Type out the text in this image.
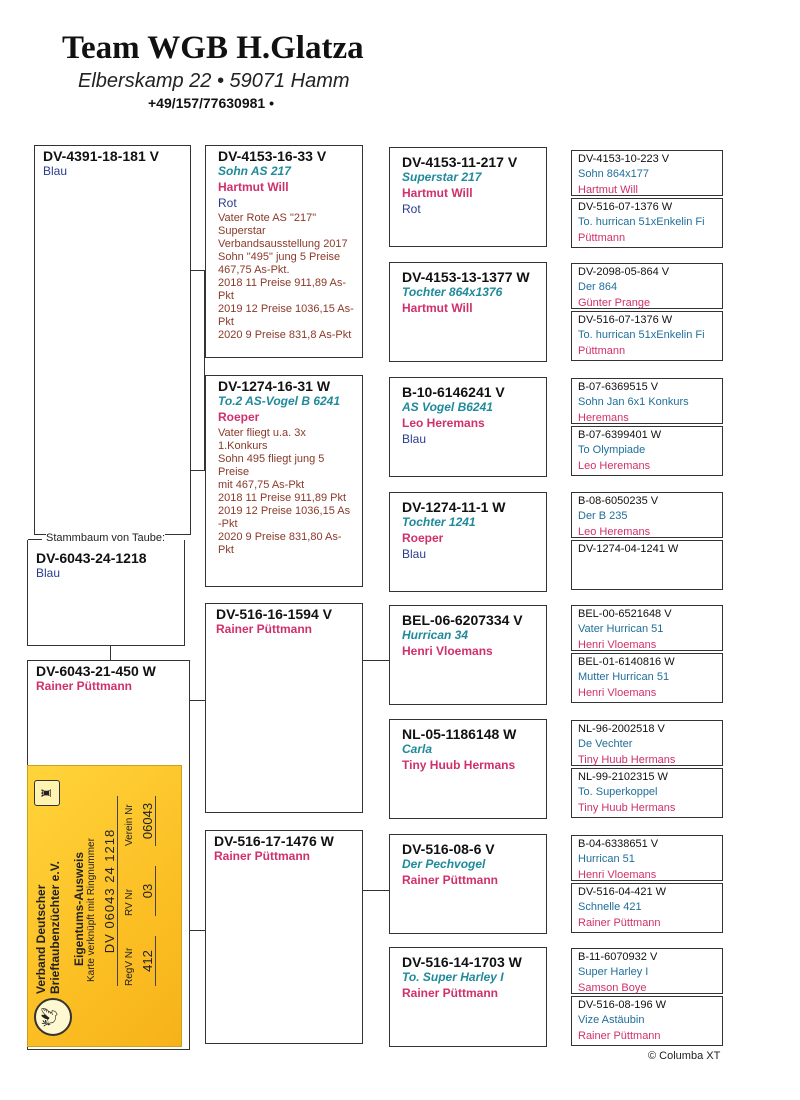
Team WGB H.Glatza
Elberskamp 22 • 59071 Hamm
+49/157/77630981 •
DV-4391-18-181 V
Blau
Stammbaum von Taube:
DV-6043-24-1218
Blau
DV-6043-21-450 W
Rainer Püttmann
DV-4153-16-33 V
Sohn AS 217
Hartmut Will
Rot
Vater Rote AS "217"
Superstar
Verbandsausstellung 2017
Sohn "495" jung 5 Preise
467,75 As-Pkt.
2018 11 Preise 911,89 As-
Pkt
2019 12 Preise 1036,15 As-
Pkt
2020 9 Preise 831,8 As-Pkt
DV-1274-16-31 W
To.2 AS-Vogel B 6241
Roeper
Vater fliegt u.a. 3x
1.Konkurs
Sohn 495 fliegt jung 5
Preise
mit 467,75 As-Pkt
2018 11 Preise 911,89 Pkt
2019 12 Preise 1036,15 As
-Pkt
2020 9 Preise 831,80 As-
Pkt
DV-516-16-1594 V
Rainer Püttmann
DV-516-17-1476 W
Rainer Püttmann
DV-4153-11-217 V
Superstar 217
Hartmut Will
Rot
DV-4153-13-1377 W
Tochter 864x1376
Hartmut Will
B-10-6146241 V
AS Vogel B6241
Leo Heremans
Blau
DV-1274-11-1 W
Tochter 1241
Roeper
Blau
BEL-06-6207334 V
Hurrican 34
Henri Vloemans
NL-05-1186148 W
Carla
Tiny Huub Hermans
DV-516-08-6 V
Der Pechvogel
Rainer Püttmann
DV-516-14-1703 W
To. Super Harley I
Rainer Püttmann
DV-4153-10-223 V
Sohn 864x177
Hartmut Will
DV-516-07-1376 W
To. hurrican 51xEnkelin Fi
Püttmann
DV-2098-05-864 V
Der 864
Günter Prange
DV-516-07-1376 W
To. hurrican 51xEnkelin Fi
Püttmann
B-07-6369515 V
Sohn Jan 6x1 Konkurs
Heremans
B-07-6399401 W
To Olympiade
Leo Heremans
B-08-6050235 V
Der B 235
Leo Heremans
DV-1274-04-1241 W
BEL-00-6521648 V
Vater Hurrican 51
Henri Vloemans
BEL-01-6140816 W
Mutter Hurrican 51
Henri Vloemans
NL-96-2002518 V
De Vechter
Tiny Huub Hermans
NL-99-2102315 W
To. Superkoppel
Tiny Huub Hermans
B-04-6338651 V
Hurrican 51
Henri Vloemans
DV-516-04-421 W
Schnelle 421
Rainer Püttmann
B-11-6070932 V
Super Harley I
Samson Boye
DV-516-08-196 W
Vize Astäubin
Rainer Püttmann
🕊
Verband Deutscher Brieftaubenzüchter e.V.
♜
Eigentums-Ausweis Karte verknüpft mit Ringnummer DV 06043 24 1218
RegV Nr
RV Nr
Verein Nr
412
03
06043
© Columba XT
